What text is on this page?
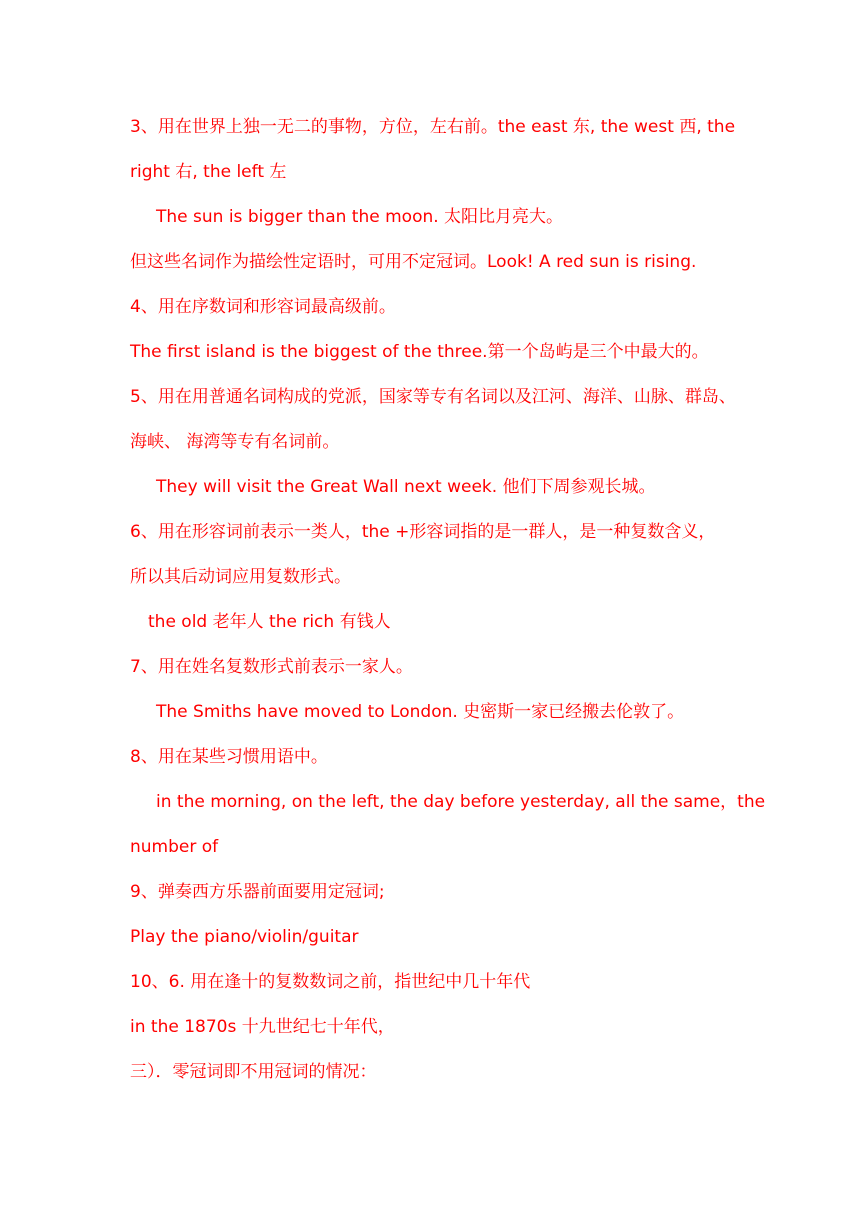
3、用在世界上独一无二的事物，方位，左右前。the east 东, the west 西, the
right 右, the left 左
The sun is bigger than the moon. 太阳比月亮大。
但这些名词作为描绘性定语时，可用不定冠词。Look! A red sun is rising.
4、用在序数词和形容词最高级前。
The first island is the biggest of the three.第一个岛屿是三个中最大的。
5、用在用普通名词构成的党派，国家等专有名词以及江河、海洋、山脉、群岛、
海峡、 海湾等专有名词前。
They will visit the Great Wall next week. 他们下周参观长城。
6、用在形容词前表示一类人，the +形容词指的是一群人，是一种复数含义，
所以其后动词应用复数形式。
the old 老年人 the rich 有钱人
7、用在姓名复数形式前表示一家人。
The Smiths have moved to London. 史密斯一家已经搬去伦敦了。
8、用在某些习惯用语中。
in the morning, on the left, the day before yesterday, all the same，the
number of
9、弹奏西方乐器前面要用定冠词;
Play the piano/violin/guitar
10、6. 用在逢十的复数数词之前，指世纪中几十年代
in the 1870s 十九世纪七十年代，
三）．零冠词即不用冠词的情况：
